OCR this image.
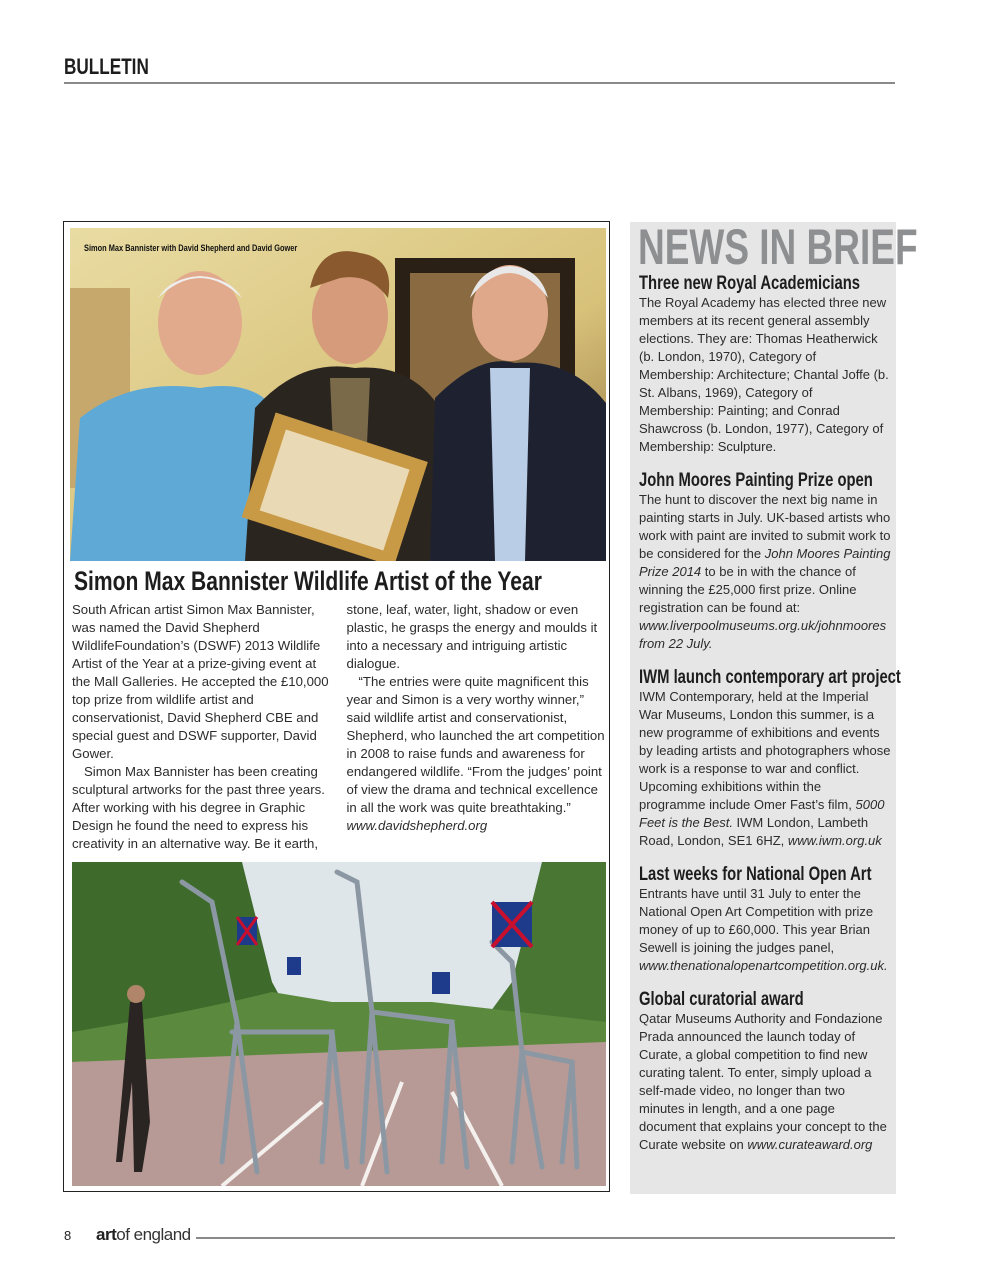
BULLETIN
Simon Max Bannister with David Shepherd and David Gower
Simon Max Bannister Wildlife Artist of the Year

South African artist Simon Max Bannister, was named the David Shepherd WildlifeFoundation’s (DSWF) 2013 Wildlife Artist of the Year at a prize-giving event at the Mall Galleries. He accepted the £10,000 top prize from wildlife artist and conservationist, David Shepherd CBE and special guest and DSWF supporter, David Gower.

Simon Max Bannister has been creating sculptural artworks for the past three years. After working with his degree in Graphic Design he found the need to express his creativity in an alternative way. Be it earth, stone, leaf, water, light, shadow or even plastic, he grasps the energy and moulds it into a necessary and intriguing artistic dialogue.

“The entries were quite magnificent this year and Simon is a very worthy winner,” said wildlife artist and conservationist, Shepherd, who launched the art competition in 2008 to raise funds and awareness for endangered wildlife. “From the judges’ point of view the drama and technical excellence in all the work was quite breathtaking.”

www.davidshepherd.org

NEWS IN BRIEF
Three new Royal Academicians

The Royal Academy has elected three new members at its recent general assembly elections. They are: Thomas Heatherwick (b. London, 1970), Category of Membership: Architecture; Chantal Joffe (b. St. Albans, 1969), Category of Membership: Painting; and Conrad Shawcross (b. London, 1977), Category of Membership: Sculpture.

John Moores Painting Prize open

The hunt to discover the next big name in painting starts in July. UK-based artists who work with paint are invited to submit work to be considered for the John Moores Painting Prize 2014 to be in with the chance of winning the £25,000 first prize. Online registration can be found at: www.liverpoolmuseums.org.uk/johnmoores from 22 July.

IWM launch contemporary art project

IWM Contemporary, held at the Imperial War Museums, London this summer, is a new programme of exhibitions and events by leading artists and photographers whose work is a response to war and conflict. Upcoming exhibitions within the programme include Omer Fast’s film, 5000 Feet is the Best. IWM London, Lambeth Road, London, SE1 6HZ, www.iwm.org.uk

Last weeks for National Open Art

Entrants have until 31 July to enter the National Open Art Competition with prize money of up to £60,000. This year Brian Sewell is joining the judges panel, www.thenationalopenartcompetition.org.uk.

Global curatorial award

Qatar Museums Authority and Fondazione Prada announced the launch today of Curate, a global competition to find new curating talent. To enter, simply upload a self-made video, no longer than two minutes in length, and a one page document that explains your concept to the Curate website on www.curateaward.org

8 artof england
